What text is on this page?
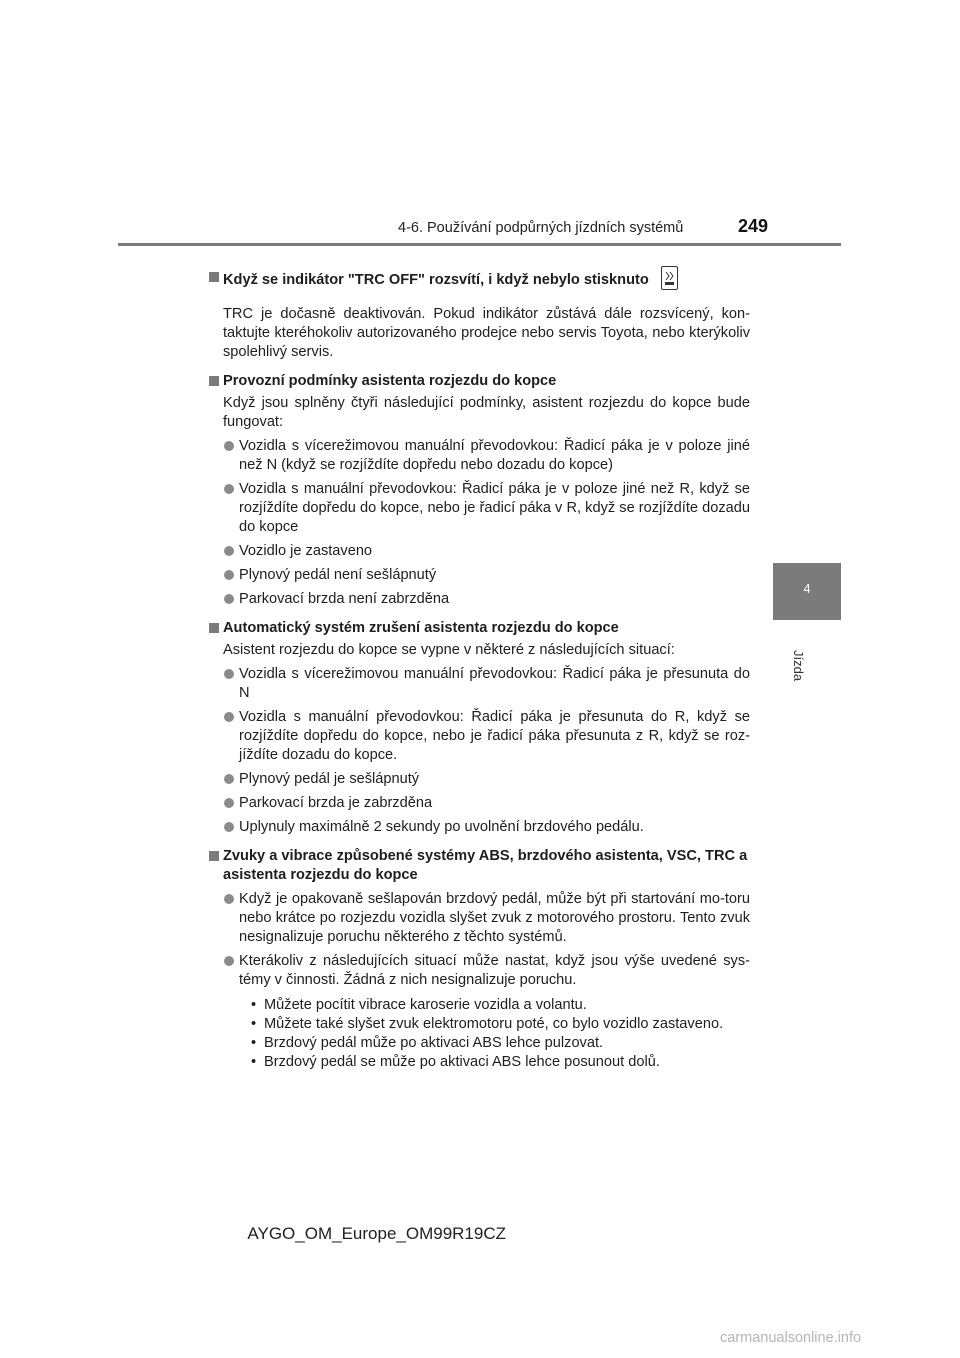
4-6. Používání podpůrných jízdních systémů	249
4
Jízda
Když se indikátor "TRC OFF" rozsvítí, i když nebylo stisknuto
TRC je dočasně deaktivován. Pokud indikátor zůstává dále rozsvícený, kon-taktujte kteréhokoliv autorizovaného prodejce nebo servis Toyota, nebo kterýkoliv spolehlivý servis.
Provozní podmínky asistenta rozjezdu do kopce
Když jsou splněny čtyři následující podmínky, asistent rozjezdu do kopce bude fungovat:
Vozidla s vícerežimovou manuální převodovkou: Řadicí páka je v poloze jiné než N (když se rozjíždíte dopředu nebo dozadu do kopce)
Vozidla s manuální převodovkou: Řadicí páka je v poloze jiné než R, když se rozjíždíte dopředu do kopce, nebo je řadicí páka v R, když se rozjíždíte dozadu do kopce
Vozidlo je zastaveno
Plynový pedál není sešlápnutý
Parkovací brzda není zabrzděna
Automatický systém zrušení asistenta rozjezdu do kopce
Asistent rozjezdu do kopce se vypne v některé z následujících situací:
Vozidla s vícerežimovou manuální převodovkou: Řadicí páka je přesunuta do N
Vozidla s manuální převodovkou: Řadicí páka je přesunuta do R, když se rozjíždíte dopředu do kopce, nebo je řadicí páka přesunuta z R, když se roz-jíždíte dozadu do kopce.
Plynový pedál je sešlápnutý
Parkovací brzda je zabrzděna
Uplynuly maximálně 2 sekundy po uvolnění brzdového pedálu.
Zvuky a vibrace způsobené systémy ABS, brzdového asistenta, VSC, TRC a asistenta rozjezdu do kopce
Když je opakovaně sešlapován brzdový pedál, může být při startování mo-toru nebo krátce po rozjezdu vozidla slyšet zvuk z motorového prostoru. Tento zvuk nesignalizuje poruchu některého z těchto systémů.
Kterákoliv z následujících situací může nastat, když jsou výše uvedené sys-témy v činnosti. Žádná z nich nesignalizuje poruchu.
• Můžete pocítit vibrace karoserie vozidla a volantu.
• Můžete také slyšet zvuk elektromotoru poté, co bylo vozidlo zastaveno.
• Brzdový pedál může po aktivaci ABS lehce pulzovat.
• Brzdový pedál se může po aktivaci ABS lehce posunout dolů.
AYGO_OM_Europe_OM99R19CZ
carmanualsonline.info
